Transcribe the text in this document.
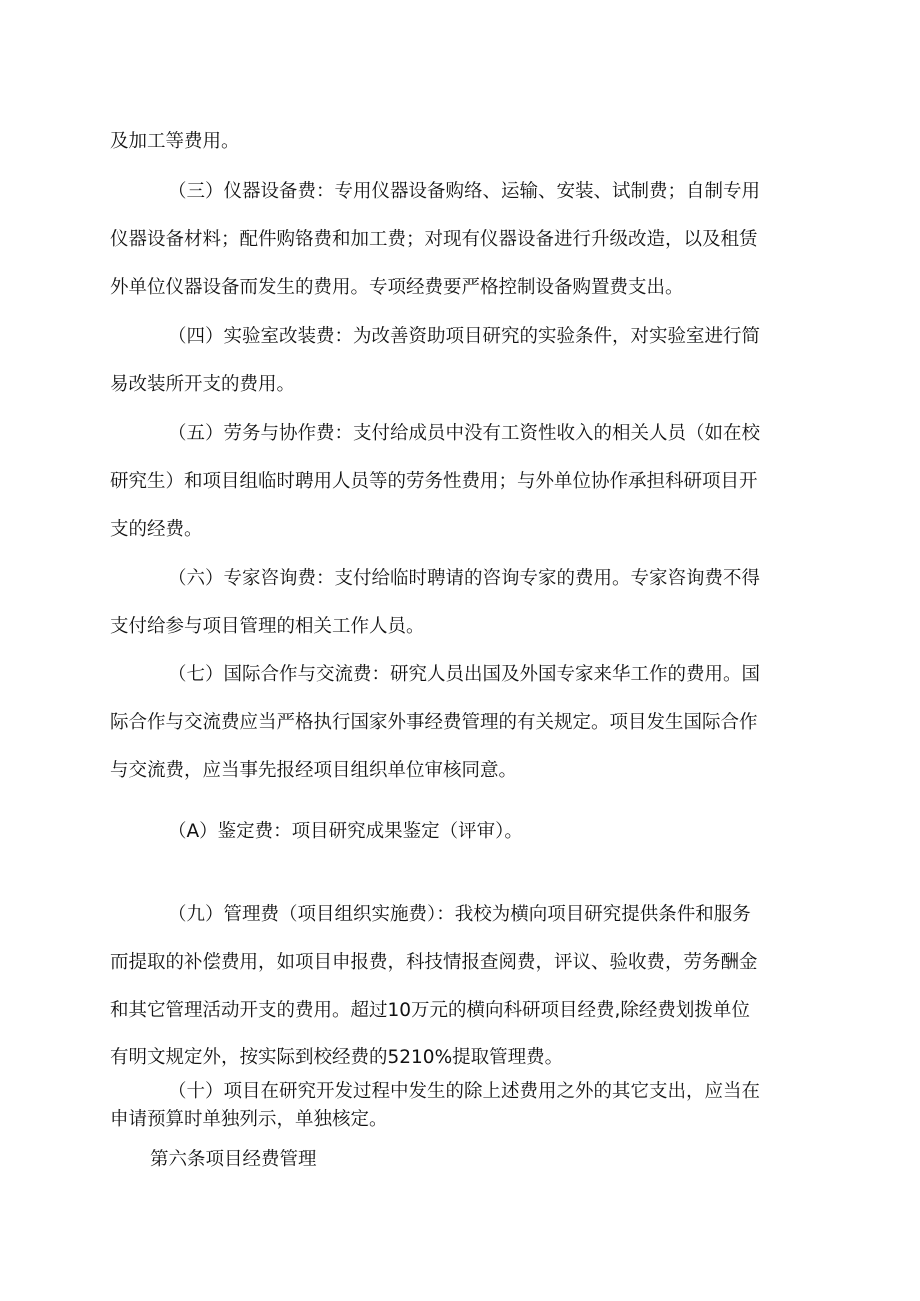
及加工等费用。

（三）仪器设备费：专用仪器设备购络、运输、安装、试制费；自制专用

仪器设备材料；配件购铬费和加工费；对现有仪器设备进行升级改造，以及租赁

外单位仪器设备而发生的费用。专项经费要严格控制设备购置费支出。

（四）实验室改装费：为改善资助项目研究的实验条件，对实验室进行简

易改装所开支的费用。

（五）劳务与协作费：支付给成员中没有工资性收入的相关人员（如在校

研究生）和项目组临时聘用人员等的劳务性费用；与外单位协作承担科研项目开

支的经费。

（六）专家咨询费：支付给临时聘请的咨询专家的费用。专家咨询费不得

支付给参与项目管理的相关工作人员。

（七）国际合作与交流费：研究人员出国及外国专家来华工作的费用。国

际合作与交流费应当严格执行国家外事经费管理的有关规定。项目发生国际合作

与交流费，应当事先报经项目组织单位审核同意。

（A）鉴定费：项目研究成果鉴定（评审）。

（九）管理费（项目组织实施费）：我校为横向项目研究提供条件和服务

而提取的补偿费用，如项目申报费，科技情报查阅费，评议、验收费，劳务酬金

和其它管理活动开支的费用。超过10万元的横向科研项目经费,除经费划拨单位

有明文规定外，按实际到校经费的5210%提取管理费。

（十）项目在研究开发过程中发生的除上述费用之外的其它支出，应当在

申请预算时单独列示，单独核定。

第六条项目经费管理
